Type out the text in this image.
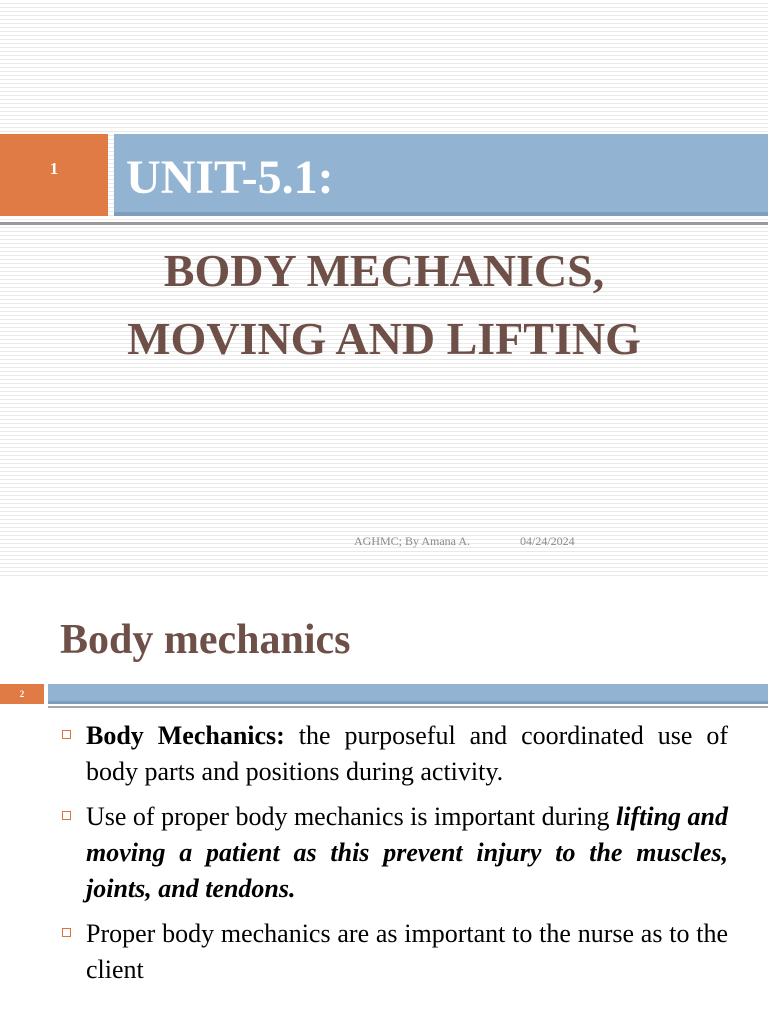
1 UNIT-5.1:
BODY MECHANICS,
MOVING AND LIFTING
AGHMC; By Amana A.	04/24/2024
Body mechanics
2
Body Mechanics: the purposeful and coordinated use of body parts and positions during activity.
Use of proper body mechanics is important during lifting and moving a patient as this prevent injury to the muscles, joints, and tendons.
Proper body mechanics are as important to the nurse as to the client
